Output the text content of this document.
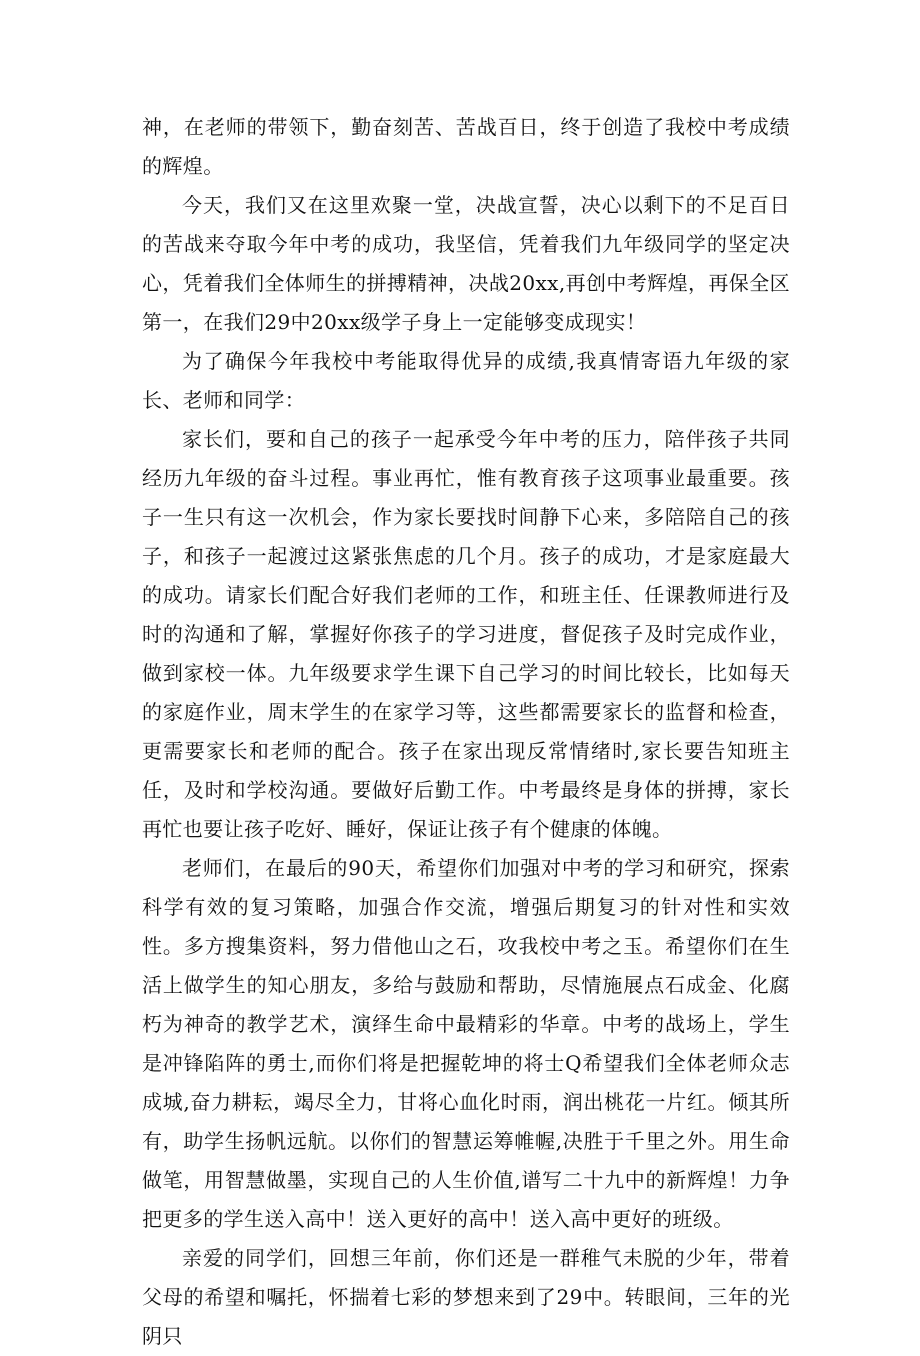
神，在老师的带领下，勤奋刻苦、苦战百日，终于创造了我校中考成绩的辉煌。

今天，我们又在这里欢聚一堂，决战宣誓，决心以剩下的不足百日的苦战来夺取今年中考的成功，我坚信，凭着我们九年级同学的坚定决心，凭着我们全体师生的拼搏精神，决战20xx,再创中考辉煌，再保全区第一，在我们29中20xx级学子身上一定能够变成现实！

为了确保今年我校中考能取得优异的成绩,我真情寄语九年级的家长、老师和同学：

家长们，要和自己的孩子一起承受今年中考的压力，陪伴孩子共同经历九年级的奋斗过程。事业再忙，惟有教育孩子这项事业最重要。孩子一生只有这一次机会，作为家长要找时间静下心来，多陪陪自己的孩子，和孩子一起渡过这紧张焦虑的几个月。孩子的成功，才是家庭最大的成功。请家长们配合好我们老师的工作，和班主任、任课教师进行及时的沟通和了解，掌握好你孩子的学习进度，督促孩子及时完成作业，做到家校一体。九年级要求学生课下自己学习的时间比较长，比如每天的家庭作业，周末学生的在家学习等，这些都需要家长的监督和检查，更需要家长和老师的配合。孩子在家出现反常情绪时,家长要告知班主任，及时和学校沟通。要做好后勤工作。中考最终是身体的拼搏，家长再忙也要让孩子吃好、睡好，保证让孩子有个健康的体魄。

老师们，在最后的90天，希望你们加强对中考的学习和研究，探索科学有效的复习策略，加强合作交流，增强后期复习的针对性和实效性。多方搜集资料，努力借他山之石，攻我校中考之玉。希望你们在生活上做学生的知心朋友，多给与鼓励和帮助，尽情施展点石成金、化腐朽为神奇的教学艺术，演绎生命中最精彩的华章。中考的战场上，学生是冲锋陷阵的勇士,而你们将是把握乾坤的将士Q希望我们全体老师众志成城,奋力耕耘，竭尽全力，甘将心血化时雨，润出桃花一片红。倾其所有，助学生扬帆远航。以你们的智慧运筹帷幄,决胜于千里之外。用生命做笔，用智慧做墨，实现自己的人生价值,谱写二十九中的新辉煌！力争把更多的学生送入高中！送入更好的高中！送入高中更好的班级。

亲爱的同学们，回想三年前，你们还是一群稚气未脱的少年，带着父母的希望和嘱托，怀揣着七彩的梦想来到了29中。转眼间，三年的光阴只
